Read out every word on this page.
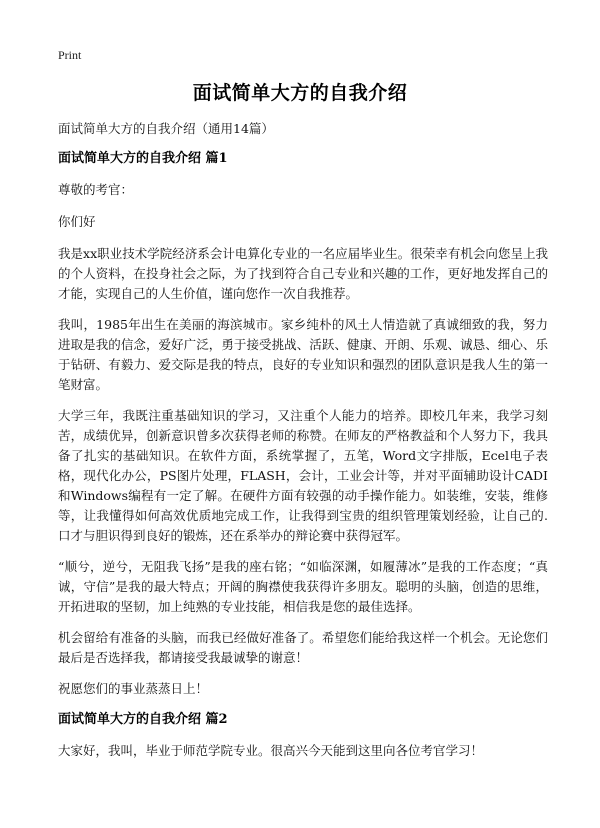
Print
面试简单大方的自我介绍
面试简单大方的自我介绍（通用14篇）
面试简单大方的自我介绍 篇1

尊敬的考官：

你们好

我是xx职业技术学院经济系会计电算化专业的一名应届毕业生。很荣幸有机会向您呈上我的个人资料，在投身社会之际，为了找到符合自己专业和兴趣的工作，更好地发挥自己的才能，实现自己的人生价值，谨向您作一次自我推荐。

我叫，1985年出生在美丽的海滨城市。家乡纯朴的风土人情造就了真诚细致的我，努力进取是我的信念，爱好广泛，勇于接受挑战、活跃、健康、开朗、乐观、诚恳、细心、乐于钻研、有毅力、爱交际是我的特点，良好的专业知识和强烈的团队意识是我人生的第一笔财富。

大学三年，我既注重基础知识的学习，又注重个人能力的培养。即校几年来，我学习刻苦，成绩优异，创新意识曾多次获得老师的称赞。在师友的严格教益和个人努力下，我具备了扎实的基础知识。在软件方面，系统掌握了，五笔，Word文字排版，Ecel电子表格，现代化办公，PS图片处理，FLASH，会计，工业会计等，并对平面辅助设计CADI和Windows编程有一定了解。在硬件方面有较强的动手操作能力。如装维，安装，维修等，让我懂得如何高效优质地完成工作，让我得到宝贵的组织管理策划经验，让自己的.口才与胆识得到良好的锻炼，还在系举办的辩论赛中获得冠军。

“顺兮，逆兮，无阻我飞扬”是我的座右铭；“如临深渊，如履薄冰”是我的工作态度；“真诚，守信”是我的最大特点；开阔的胸襟使我获得许多朋友。聪明的头脑，创造的思维，开拓进取的坚韧，加上纯熟的专业技能，相信我是您的最佳选择。

机会留给有准备的头脑，而我已经做好准备了。希望您们能给我这样一个机会。无论您们最后是否选择我，都请接受我最诚挚的谢意！

祝愿您们的事业蒸蒸日上！

面试简单大方的自我介绍 篇2

大家好，我叫，毕业于师范学院专业。很高兴今天能到这里向各位考官学习！
